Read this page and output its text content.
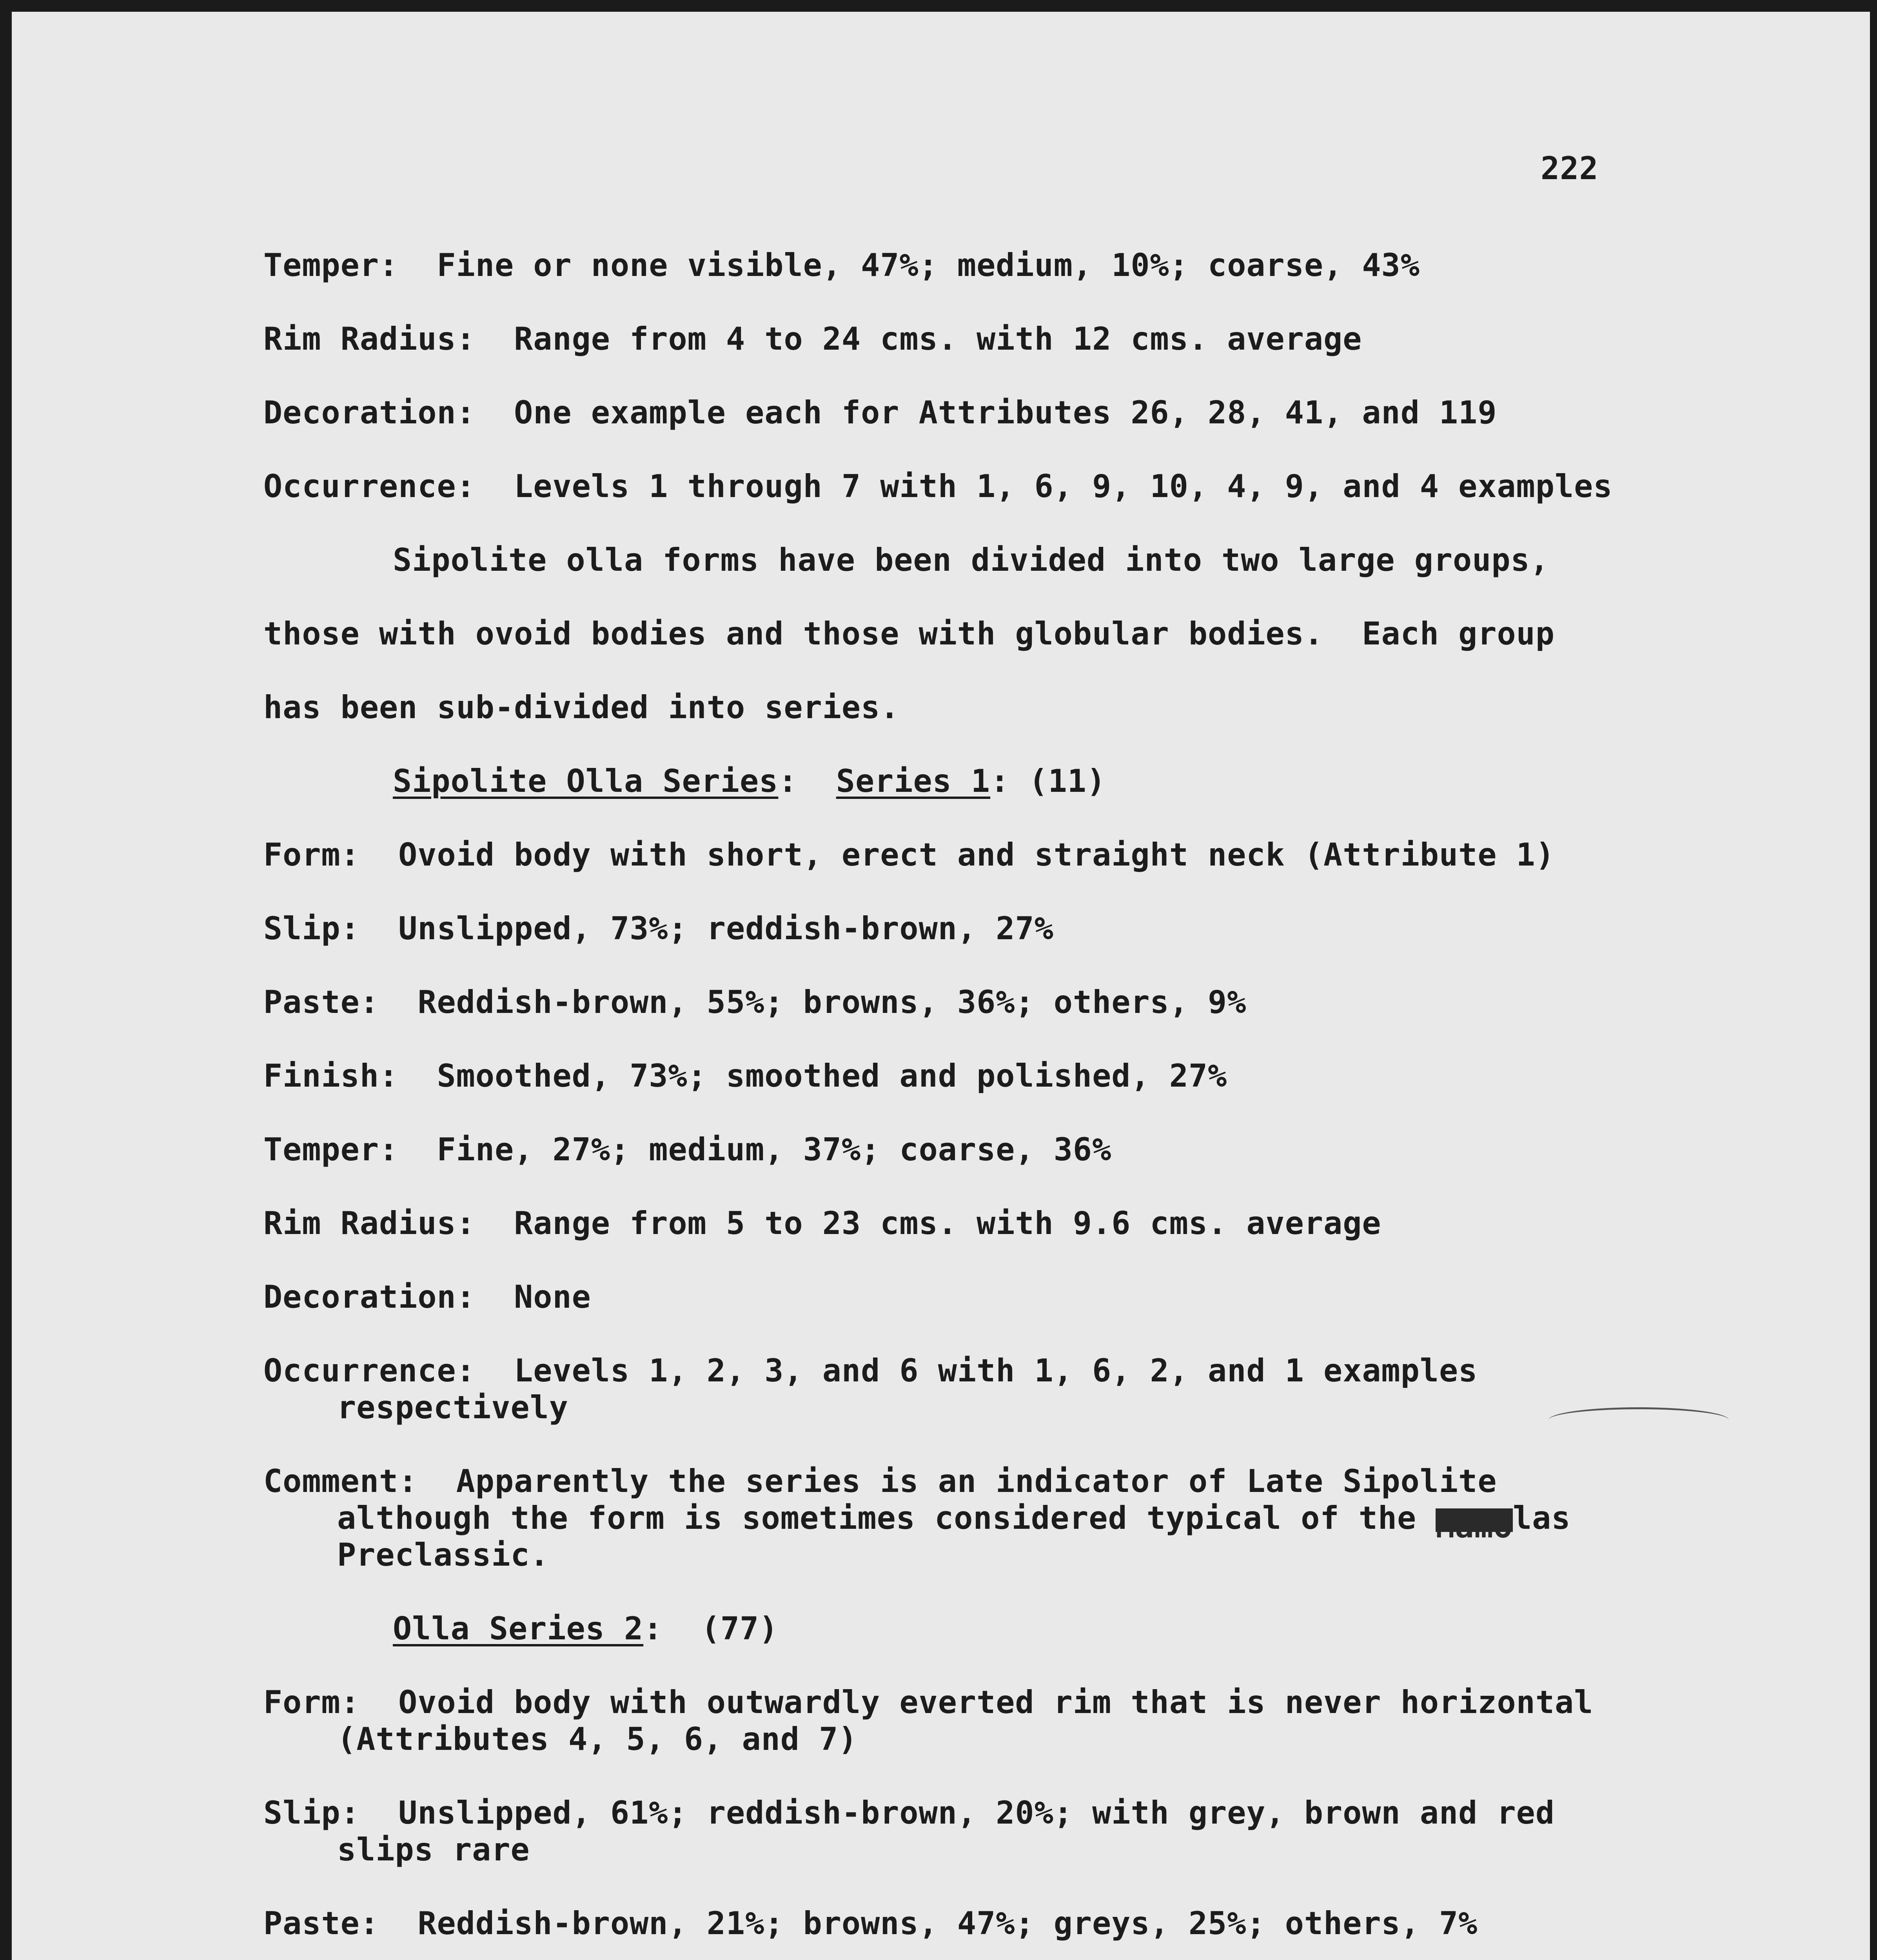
222
Temper: Fine or none visible, 47%; medium, 10%; coarse, 43%
Rim Radius: Range from 4 to 24 cms. with 12 cms. average
Decoration: One example each for Attributes 26, 28, 41, and 119
Occurrence: Levels 1 through 7 with 1, 6, 9, 10, 4, 9, and 4 examples
Sipolite olla forms have been divided into two large groups,
those with ovoid bodies and those with globular bodies.  Each group
has been sub-divided into series.
Sipolite Olla Series:  Series 1: (11)
Form: Ovoid body with short, erect and straight neck (Attribute 1)
Slip: Unslipped, 73%; reddish-brown, 27%
Paste: Reddish-brown, 55%; browns, 36%; others, 9%
Finish: Smoothed, 73%; smoothed and polished, 27%
Temper: Fine, 27%; medium, 37%; coarse, 36%
Rim Radius: Range from 5 to 23 cms. with 9.6 cms. average
Decoration: None
Occurrence: Levels 1, 2, 3, and 6 with 1, 6, 2, and 1 examples
respectively
Comment: Apparently the series is an indicator of Late Sipolite
although the form is sometimes considered typical of the Mamolas
Preclassic.
Olla Series 2:  (77)
Form: Ovoid body with outwardly everted rim that is never horizontal
(Attributes 4, 5, 6, and 7)
Slip: Unslipped, 61%; reddish-brown, 20%; with grey, brown and red
slips rare
Paste: Reddish-brown, 21%; browns, 47%; greys, 25%; others, 7%
